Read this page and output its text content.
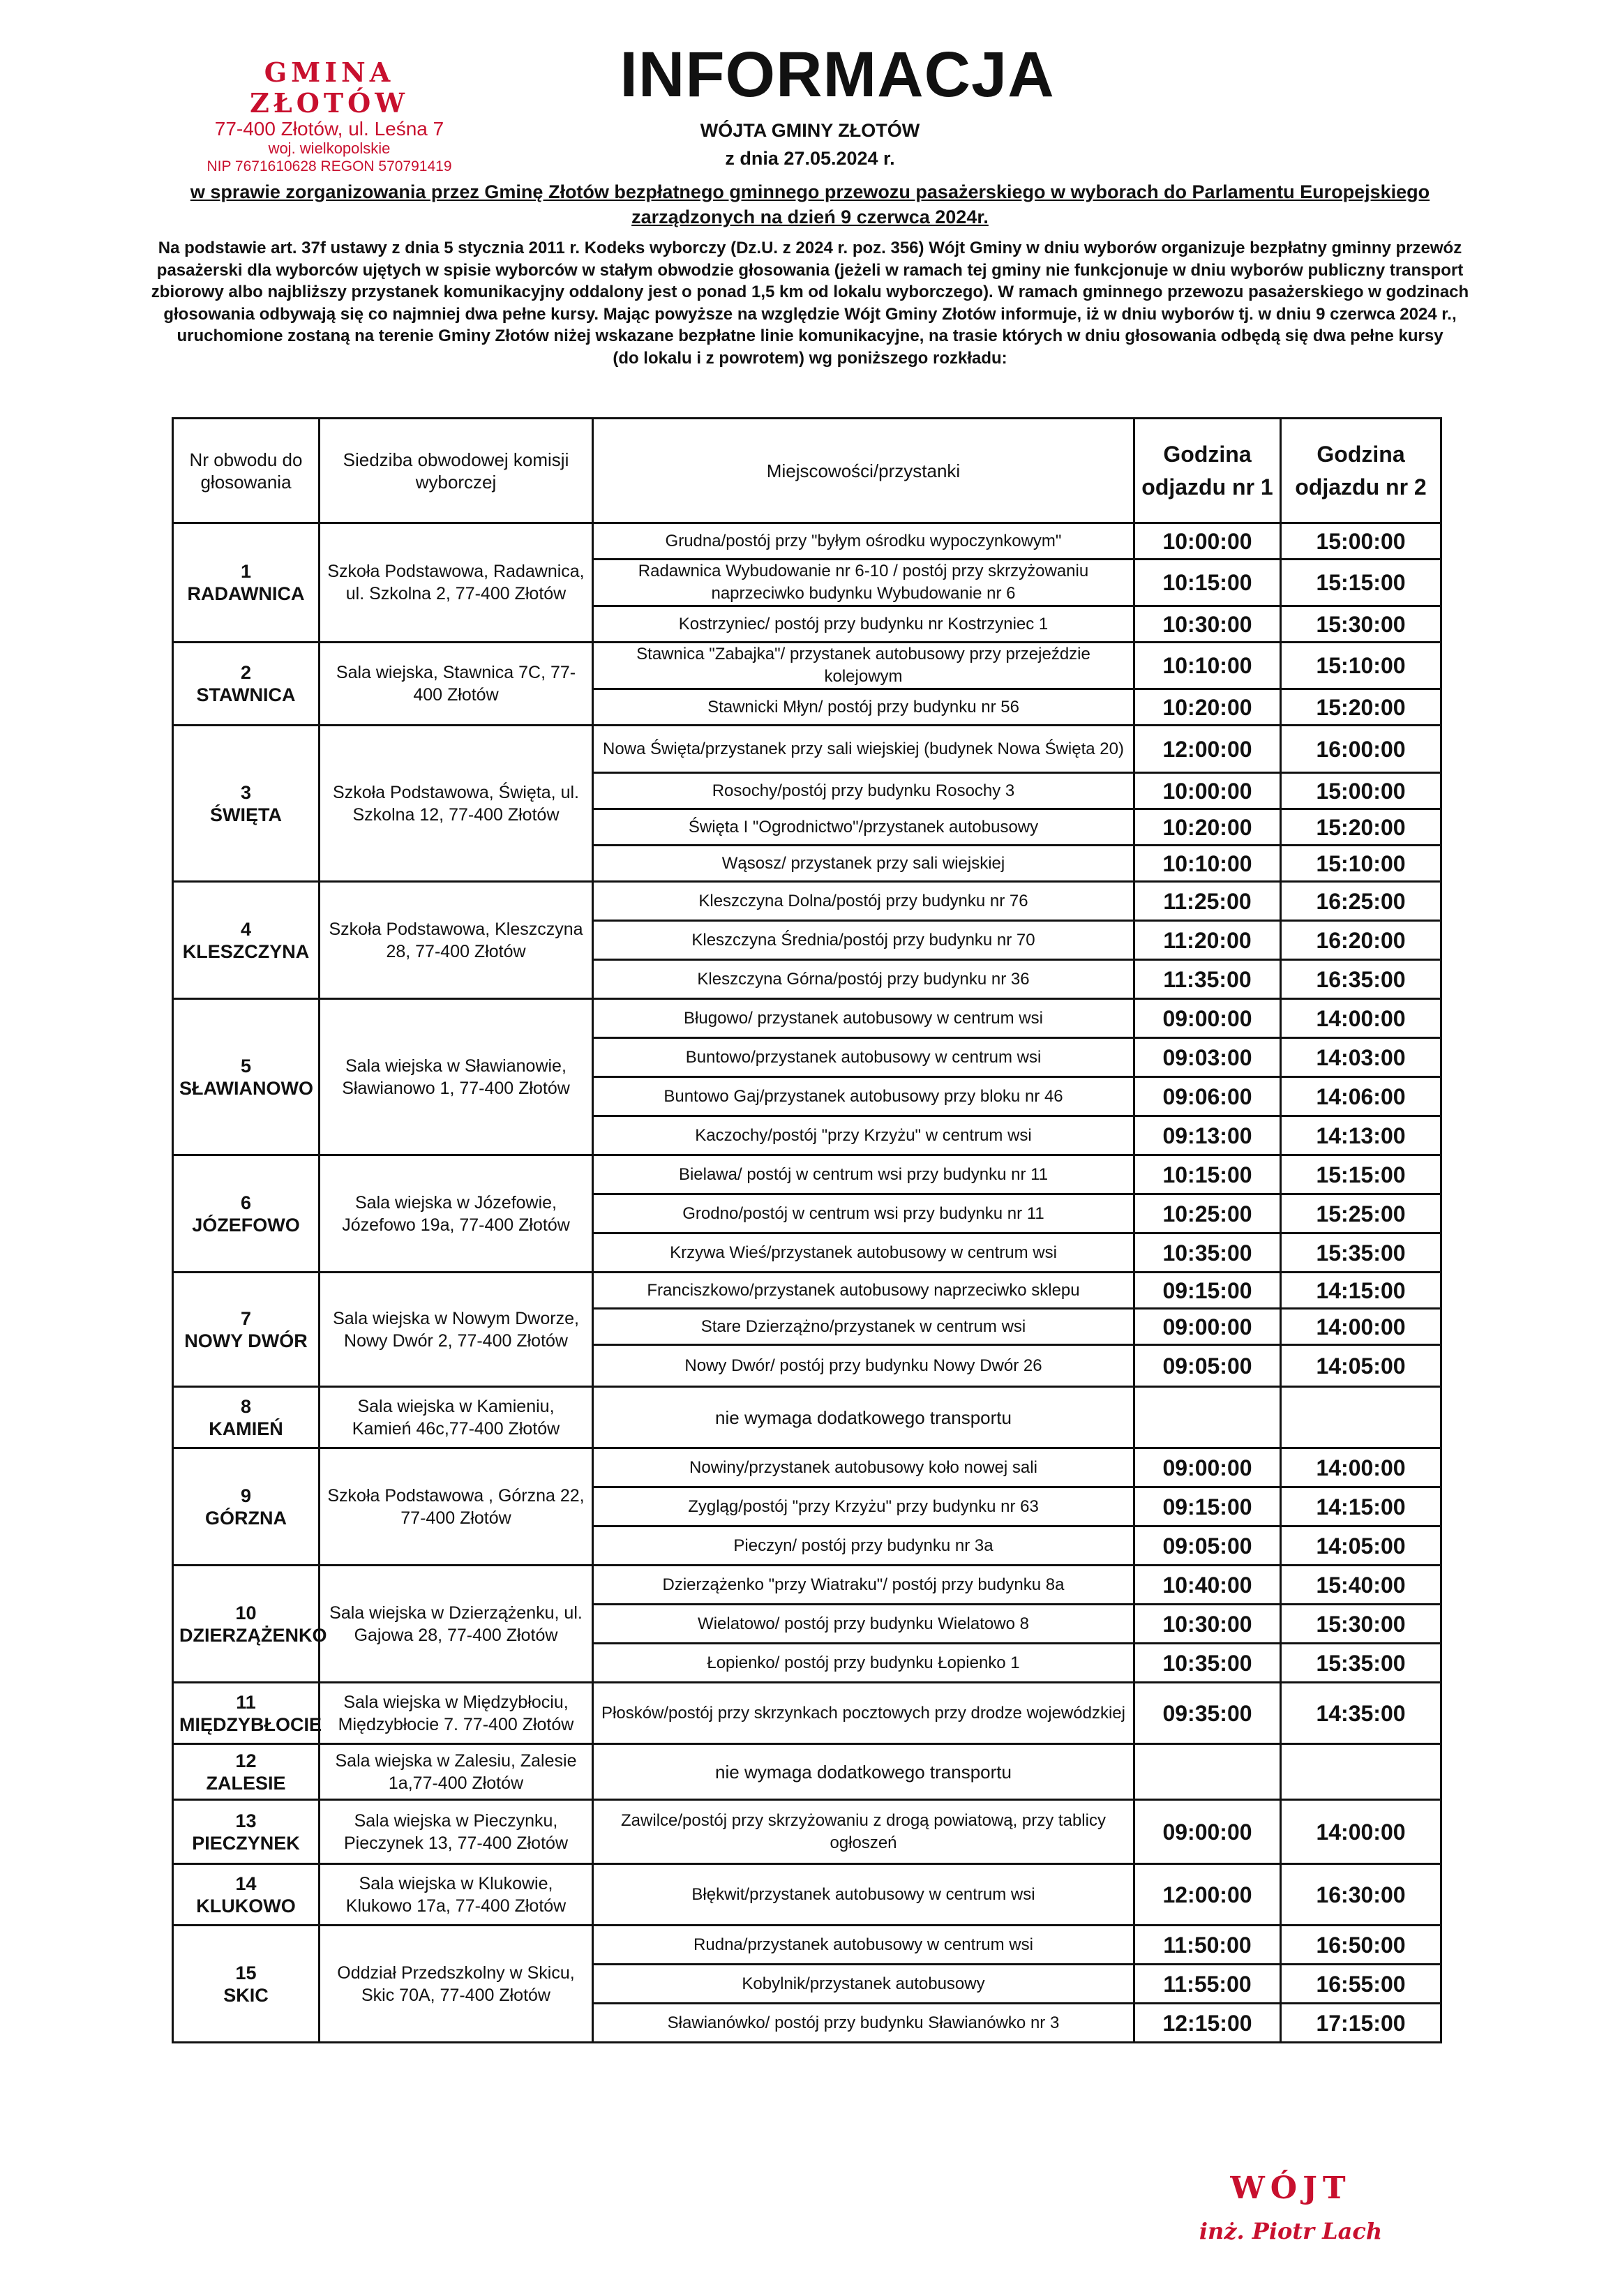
GMINA ZŁOTÓW
77-400 Złotów, ul. Leśna 7
woj. wielkopolskie
NIP 7671610628 REGON 570791419
INFORMACJA
WÓJTA GMINY ZŁOTÓW
z dnia 27.05.2024 r.
w sprawie zorganizowania przez Gminę Złotów bezpłatnego gminnego przewozu pasażerskiego w wyborach do Parlamentu Europejskiego
zarządzonych na dzień 9 czerwca 2024r.
Na podstawie art. 37f ustawy z dnia 5 stycznia 2011 r. Kodeks wyborczy (Dz.U. z 2024 r. poz. 356) Wójt Gminy w dniu wyborów organizuje bezpłatny gminny przewóz
pasażerski dla wyborców ujętych w spisie wyborców w stałym obwodzie głosowania (jeżeli w ramach tej gminy nie funkcjonuje w dniu wyborów publiczny transport
zbiorowy albo najbliższy przystanek komunikacyjny oddalony jest o ponad 1,5 km od lokalu wyborczego). W ramach gminnego przewozu pasażerskiego w godzinach
głosowania odbywają się co najmniej dwa pełne kursy. Mając powyższe na względzie Wójt Gminy Złotów informuje, iż w dniu wyborów tj. w dniu 9 czerwca 2024 r.,
uruchomione zostaną na terenie Gminy Złotów niżej wskazane bezpłatne linie komunikacyjne, na trasie których w dniu głosowania odbędą się dwa pełne kursy
(do lokalu i z powrotem) wg poniższego rozkładu:
Nr obwodu do głosowania	Siedziba obwodowej komisji wyborczej	Miejscowości/przystanki	Godzina odjazdu nr 1	Godzina odjazdu nr 2

1
RADAWNICA	Szkoła Podstawowa, Radawnica, ul. Szkolna 2, 77-400 Złotów	Grudna/postój przy "byłym ośrodku wypoczynkowym"	10:00:00	15:00:00
		Radawnica Wybudowanie nr 6-10 / postój przy skrzyżowaniu naprzeciwko budynku Wybudowanie nr 6	10:15:00	15:15:00
		Kostrzyniec/ postój przy budynku nr Kostrzyniec 1	10:30:00	15:30:00

2
STAWNICA	Sala wiejska, Stawnica 7C, 77-400 Złotów	Stawnica "Zabajka"/ przystanek autobusowy przy przejeździe kolejowym	10:10:00	15:10:00
		Stawnicki Młyn/ postój przy budynku nr 56	10:20:00	15:20:00

3
ŚWIĘTA	Szkoła Podstawowa, Święta, ul. Szkolna 12, 77-400 Złotów	Nowa Święta/przystanek przy sali wiejskiej (budynek Nowa Święta 20)	12:00:00	16:00:00
		Rosochy/postój przy budynku Rosochy 3	10:00:00	15:00:00
		Święta I "Ogrodnictwo"/przystanek autobusowy	10:20:00	15:20:00
		Wąsosz/ przystanek przy sali wiejskiej	10:10:00	15:10:00

4
KLESZCZYNA	Szkoła Podstawowa, Kleszczyna 28, 77-400 Złotów	Kleszczyna Dolna/postój przy budynku nr 76	11:25:00	16:25:00
		Kleszczyna Średnia/postój przy budynku nr 70	11:20:00	16:20:00
		Kleszczyna Górna/postój przy budynku nr 36	11:35:00	16:35:00

5
SŁAWIANOWO	Sala wiejska w Sławianowie, Sławianowo 1, 77-400 Złotów	Bługowo/ przystanek autobusowy w centrum wsi	09:00:00	14:00:00
		Buntowo/przystanek autobusowy w centrum wsi	09:03:00	14:03:00
		Buntowo Gaj/przystanek autobusowy przy bloku nr 46	09:06:00	14:06:00
		Kaczochy/postój "przy Krzyżu" w centrum wsi	09:13:00	14:13:00

6
JÓZEFOWO	Sala wiejska w Józefowie, Józefowo 19a, 77-400 Złotów	Bielawa/ postój w centrum wsi przy budynku nr 11	10:15:00	15:15:00
		Grodno/postój w centrum wsi przy budynku nr 11	10:25:00	15:25:00
		Krzywa Wieś/przystanek autobusowy w centrum wsi	10:35:00	15:35:00

7
NOWY DWÓR	Sala wiejska w Nowym Dworze, Nowy Dwór 2, 77-400 Złotów	Franciszkowo/przystanek autobusowy naprzeciwko sklepu	09:15:00	14:15:00
		Stare Dzierzążno/przystanek w centrum wsi	09:00:00	14:00:00
		Nowy Dwór/ postój przy budynku Nowy Dwór 26	09:05:00	14:05:00

8
KAMIEŃ	Sala wiejska w Kamieniu, Kamień 46c,77-400 Złotów	nie wymaga dodatkowego transportu		

9
GÓRZNA	Szkoła Podstawowa , Górzna 22, 77-400 Złotów	Nowiny/przystanek autobusowy koło nowej sali	09:00:00	14:00:00
		Zygląg/postój "przy Krzyżu" przy budynku nr 63	09:15:00	14:15:00
		Pieczyn/ postój przy budynku nr 3a	09:05:00	14:05:00

10
DZIERZĄŻENKO	Sala wiejska w Dzierzążenku, ul. Gajowa 28, 77-400 Złotów	Dzierzążenko "przy Wiatraku"/ postój przy budynku 8a	10:40:00	15:40:00
		Wielatowo/ postój przy budynku Wielatowo 8	10:30:00	15:30:00
		Łopienko/ postój przy budynku Łopienko 1	10:35:00	15:35:00

11
MIĘDZYBŁOCIE	Sala wiejska w Międzybłociu, Międzybłocie 7. 77-400 Złotów	Płosków/postój przy skrzynkach pocztowych przy drodze wojewódzkiej	09:35:00	14:35:00

12
ZALESIE	Sala wiejska w Zalesiu, Zalesie 1a,77-400 Złotów	nie wymaga dodatkowego transportu		

13
PIECZYNEK	Sala wiejska w Pieczynku, Pieczynek 13, 77-400 Złotów	Zawilce/postój przy skrzyżowaniu z drogą powiatową, przy tablicy ogłoszeń	09:00:00	14:00:00

14
KLUKOWO	Sala wiejska w Klukowie, Klukowo 17a, 77-400 Złotów	Błękwit/przystanek autobusowy w centrum wsi	12:00:00	16:30:00

15
SKIC	Oddział Przedszkolny w Skicu, Skic 70A, 77-400 Złotów	Rudna/przystanek autobusowy w centrum wsi	11:50:00	16:50:00
		Kobylnik/przystanek autobusowy	11:55:00	16:55:00
		Sławianówko/ postój przy budynku Sławianówko nr 3	12:15:00	17:15:00
WÓJT
inż. Piotr Lach
